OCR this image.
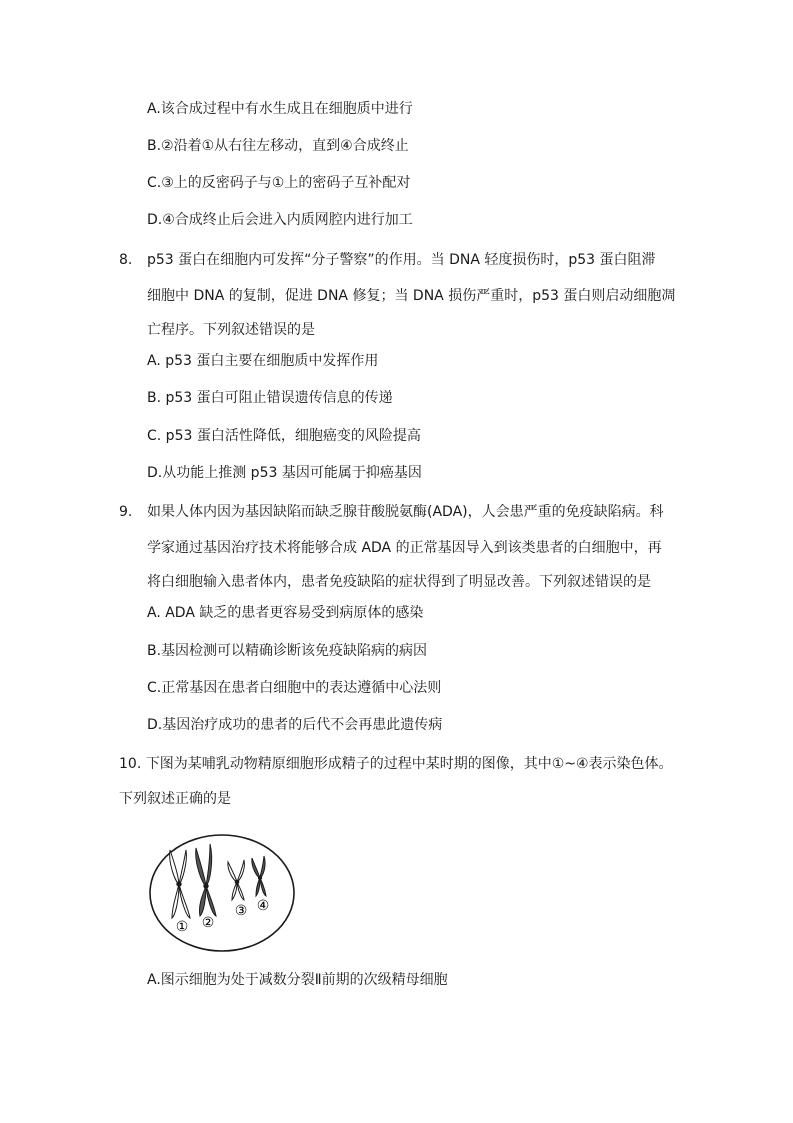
A.该合成过程中有水生成且在细胞质中进行
B.②沿着①从右往左移动，直到④合成终止
C.③上的反密码子与①上的密码子互补配对
D.④合成终止后会进入内质网腔内进行加工
8. p53 蛋白在细胞内可发挥“分子警察”的作用。当 DNA 轻度损伤时，p53 蛋白阻滞
细胞中 DNA 的复制，促进 DNA 修复；当 DNA 损伤严重时，p53 蛋白则启动细胞凋
亡程序。下列叙述错误的是
A. p53 蛋白主要在细胞质中发挥作用
B. p53 蛋白可阻止错误遗传信息的传递
C. p53 蛋白活性降低，细胞癌变的风险提高
D.从功能上推测 p53 基因可能属于抑癌基因
9. 如果人体内因为基因缺陷而缺乏腺苷酸脱氨酶(ADA)，人会患严重的免疫缺陷病。科
学家通过基因治疗技术将能够合成 ADA 的正常基因导入到该类患者的白细胞中，再
将白细胞输入患者体内，患者免疫缺陷的症状得到了明显改善。下列叙述错误的是
A. ADA 缺乏的患者更容易受到病原体的感染
B.基因检测可以精确诊断该免疫缺陷病的病因
C.正常基因在患者白细胞中的表达遵循中心法则
D.基因治疗成功的患者的后代不会再患此遗传病
10. 下图为某哺乳动物精原细胞形成精子的过程中某时期的图像，其中①~④表示染色体。
下列叙述正确的是
① ②
③ ④
A.图示细胞为处于减数分裂Ⅱ前期的次级精母细胞
